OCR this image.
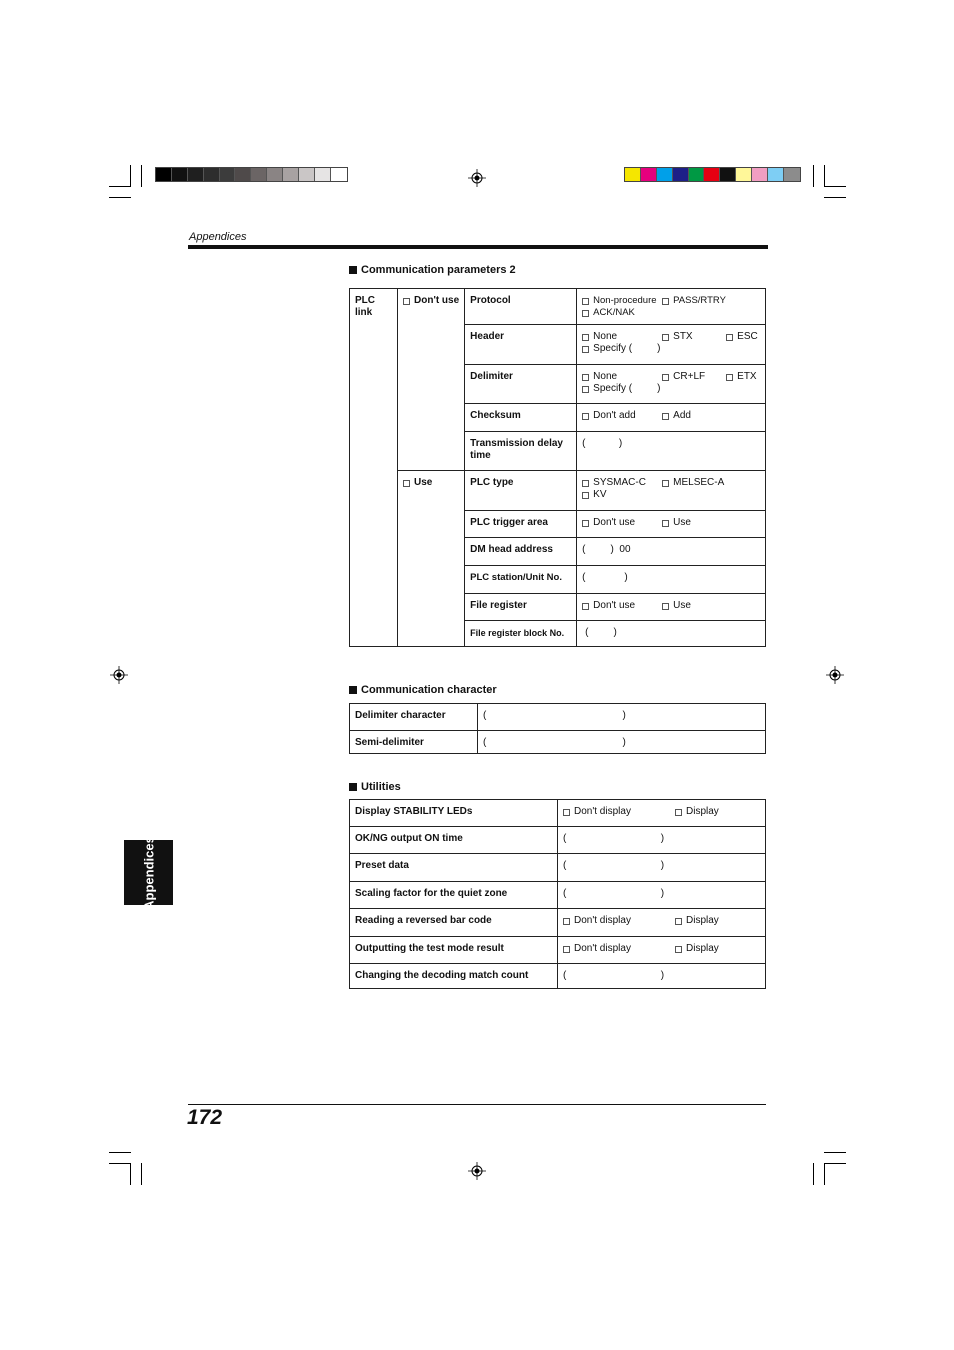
Appendices
Communication parameters 2
PLC link	Don't use	Protocol	Non-procedure PASS/RTRY
ACK/NAK

		Header	None STX ESC
Specify ( )

		Delimiter	None CR+LF ETX
Specify ( )

		Checksum	Don't add Add

		Transmission delay time	(            )

	Use	PLC type	SYSMAC-C MELSEC-A
KV

		PLC trigger area	Don't use Use

		DM head address	(         )  00
		PLC station/Unit No.	(              )
		File register	Don't use Use

		File register block No.	(         )
Communication character
Delimiter character	(                                                 )
Semi-delimiter	(                                                 )
Utilities
Display STABILITY LEDs	Don't display Display

OK/NG output ON time	(                                  )
Preset data	(                                  )
Scaling factor for the quiet zone	(                                  )
Reading a reversed bar code	Don't display Display

Outputting the test mode result	Don't display Display

Changing the decoding match count	(                                  )
Appendices
172
